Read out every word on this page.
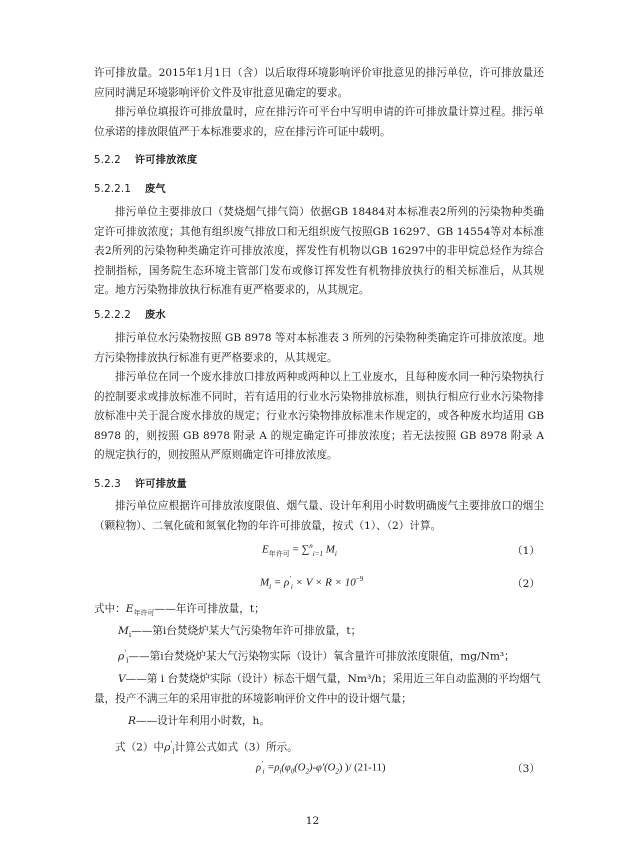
许可排放量。2015年1月1日（含）以后取得环境影响评价审批意见的排污单位，许可排放量还应同时满足环境影响评价文件及审批意见确定的要求。

排污单位填报许可排放量时，应在排污许可平台中写明申请的许可排放量计算过程。排污单位承诺的排放限值严于本标准要求的，应在排污许可证中载明。

5.2.2 许可排放浓度
5.2.2.1 废气

排污单位主要排放口（焚烧烟气排气筒）依据GB 18484对本标准表2所列的污染物种类确定许可排放浓度；其他有组织废气排放口和无组织废气按照GB 16297、GB 14554等对本标准表2所列的污染物种类确定许可排放浓度，挥发性有机物以GB 16297中的非甲烷总烃作为综合控制指标，国务院生态环境主管部门发布或修订挥发性有机物排放执行的相关标准后，从其规定。地方污染物排放执行标准有更严格要求的，从其规定。

5.2.2.2 废水

排污单位水污染物按照 GB 8978 等对本标准表 3 所列的污染物种类确定许可排放浓度。地方污染物排放执行标准有更严格要求的，从其规定。

排污单位在同一个废水排放口排放两种或两种以上工业废水，且每种废水同一种污染物执行的控制要求或排放标准不同时，若有适用的行业水污染物排放标准，则执行相应行业水污染物排放标准中关于混合废水排放的规定；行业水污染物排放标准未作规定的，或各种废水均适用 GB 8978 的，则按照 GB 8978 附录 A 的规定确定许可排放浓度；若无法按照 GB 8978 附录 A 的规定执行的，则按照从严原则确定许可排放浓度。

5.2.3 许可排放量

排污单位应根据许可排放浓度限值、烟气量、设计年利用小时数明确废气主要排放口的烟尘（颗粒物）、二氧化硫和氮氧化物的年许可排放量，按式（1）、（2）计算。

$E_{年许可} = \sum^n_{i=1}$ $M_i$	（1）
$M_i = \rho'_i \times V \times R \times 10^{-9}$	（2）
式中：$E_{年许可}——$年许可排放量，t；
$M_i——$第i台焚烧炉某大气污染物年许可排放量，t；
$\rho'_i——$第i台焚烧炉某大气污染物实际（设计）氧含量许可排放浓度限值，mg/Nm³；
V——第 i 台焚烧炉实际（设计）标态干烟气量，Nm³/h；采用近三年自动监测的平均烟气量，投产不满三年的采用审批的环境影响评价文件中的设计烟气量；
R——设计年利用小时数，h。
式（2）中$\rho'_i$计算公式如式（3）所示。
$\rho'_i =\rho_i(\varphi_0(O_2)-\varphi'(O_2)$ )/ (21-11)	（3）
12
